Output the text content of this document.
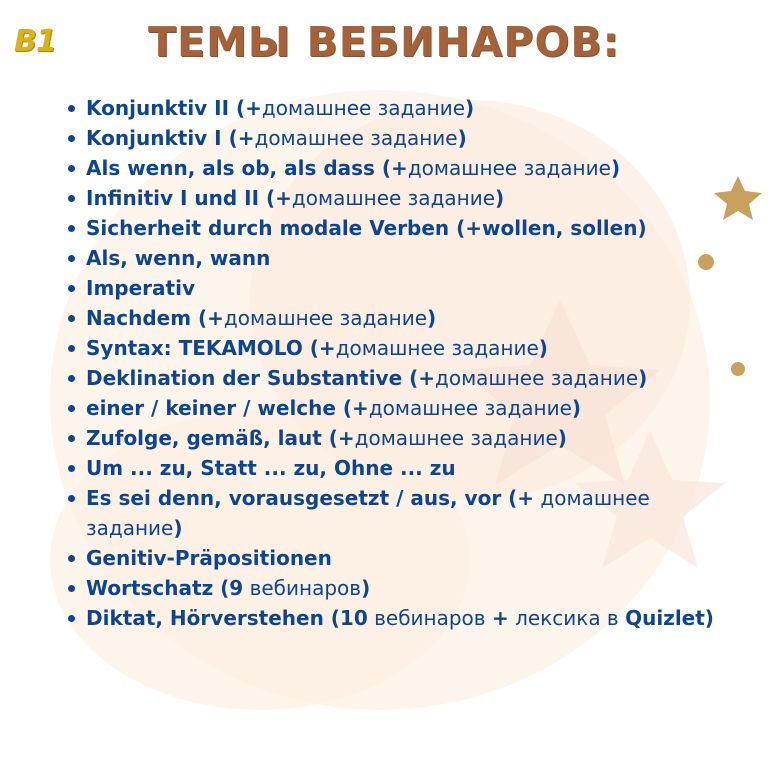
B1	ТЕМЫ ВЕБИНАРОВ:
Konjunktiv II (+домашнее задание)
Konjunktiv I (+домашнее задание)
Als wenn, als ob, als dass (+домашнее задание)
Infinitiv I und II (+домашнее задание)
Sicherheit durch modale Verben (+wollen, sollen)
Als, wenn, wann
Imperativ
Nachdem (+домашнее задание)
Syntax: TEKAMOLO (+домашнее задание)
Deklination der Substantive (+домашнее задание)
einer / keiner / welche (+домашнее задание)
Zufolge, gemäß, laut (+домашнее задание)
Um ... zu, Statt ... zu, Ohne ... zu
Es sei denn, vorausgesetzt / aus, vor (+ домашнее задание)
Genitiv-Präpositionen
Wortschatz (9 вебинаров)
Diktat, Hörverstehen (10 вебинаров + лексика в Quizlet)
